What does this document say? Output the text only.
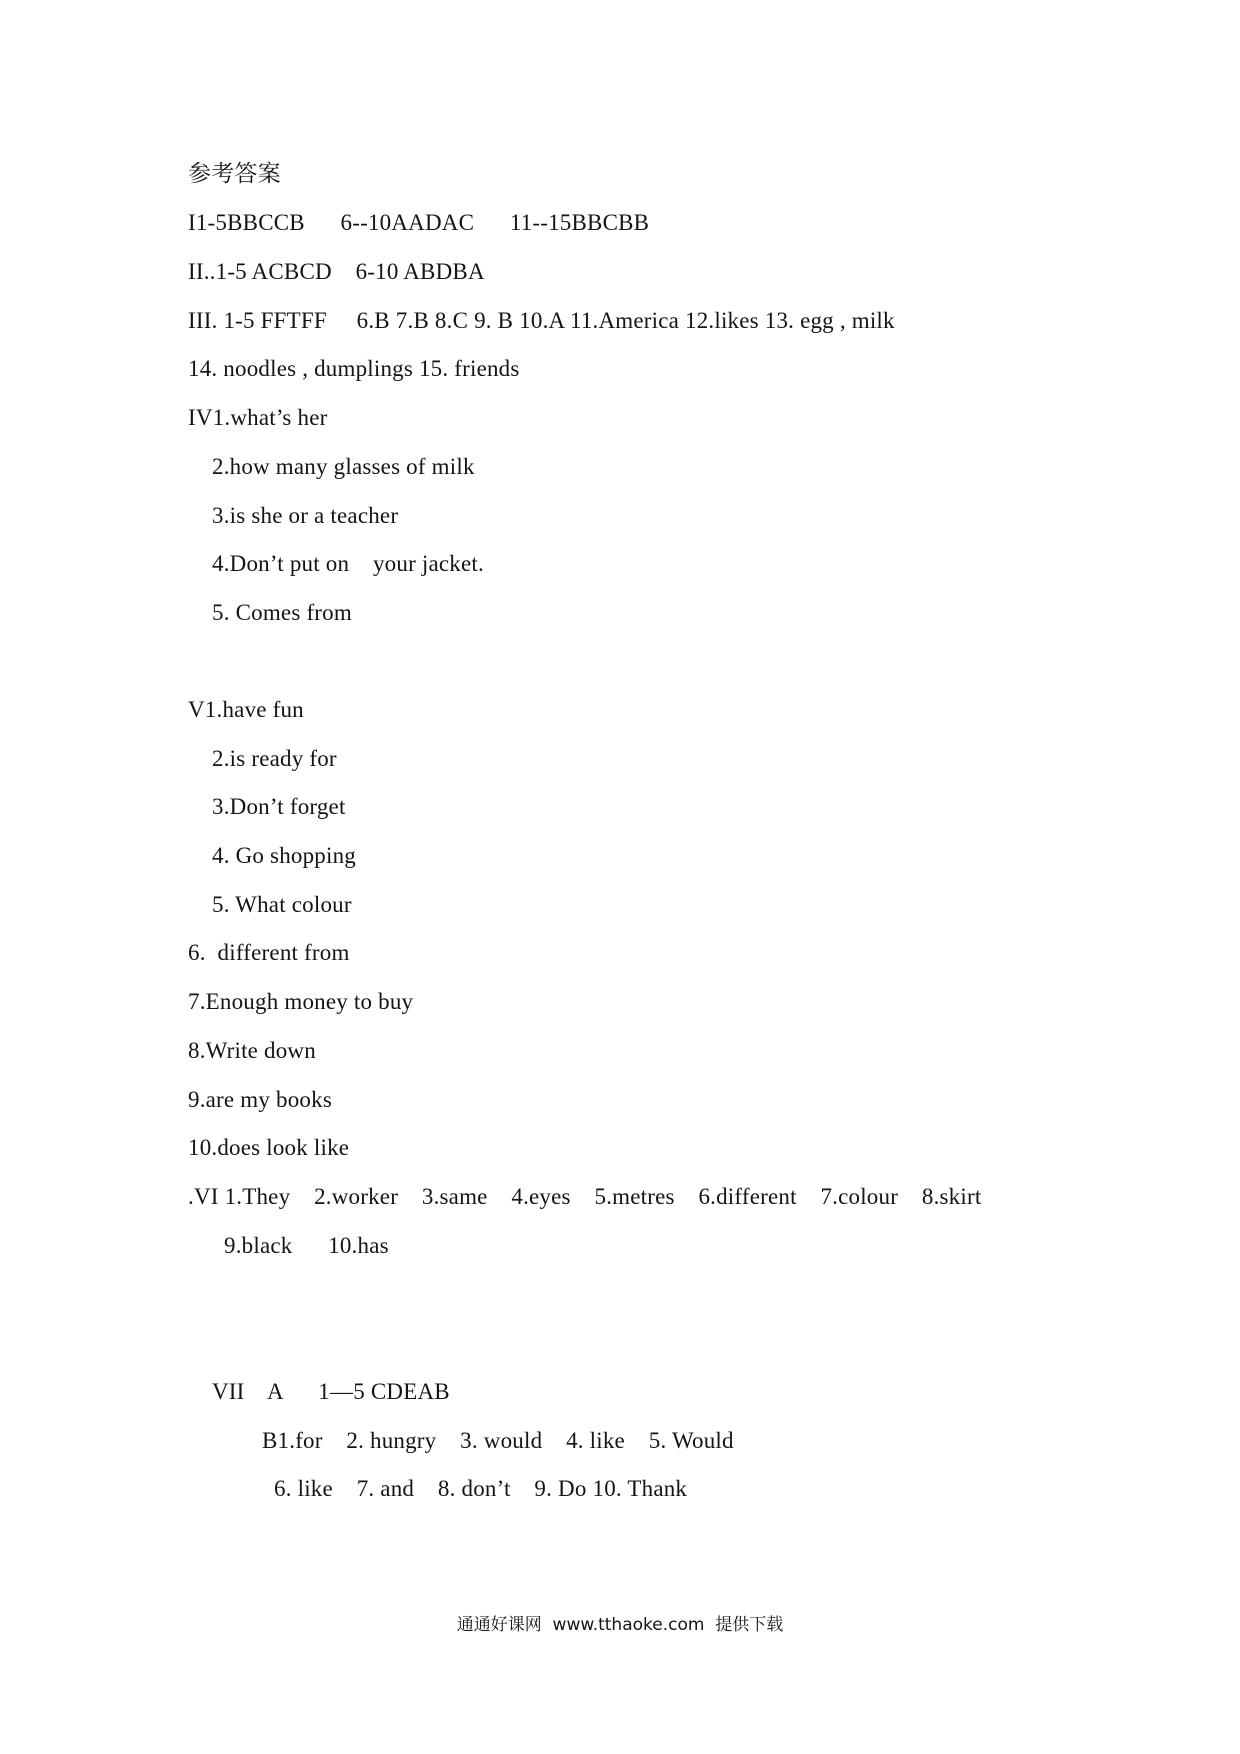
参考答案
I1-5BBCCB      6--10AADAC      11--15BBCBB
II..1-5 ACBCD    6-10 ABDBA
III. 1-5 FFTFF     6.B 7.B 8.C 9. B 10.A 11.America 12.likes 13. egg , milk
14. noodles , dumplings 15. friends
IV1.what’s her
2.how many glasses of milk
3.is she or a teacher
4.Don’t put on    your jacket.
5. Comes from
V1.have fun
2.is ready for
3.Don’t forget
4. Go shopping
5. What colour
6.  different from
7.Enough money to buy
8.Write down
9.are my books
10.does look like
.VI 1.They    2.worker    3.same    4.eyes    5.metres    6.different    7.colour    8.skirt
9.black      10.has
VII    A      1—5 CDEAB
B1.for    2. hungry    3. would    4. like    5. Would
6. like    7. and    8. don’t    9. Do 10. Thank
通通好课网  www.tthaoke.com  提供下载
